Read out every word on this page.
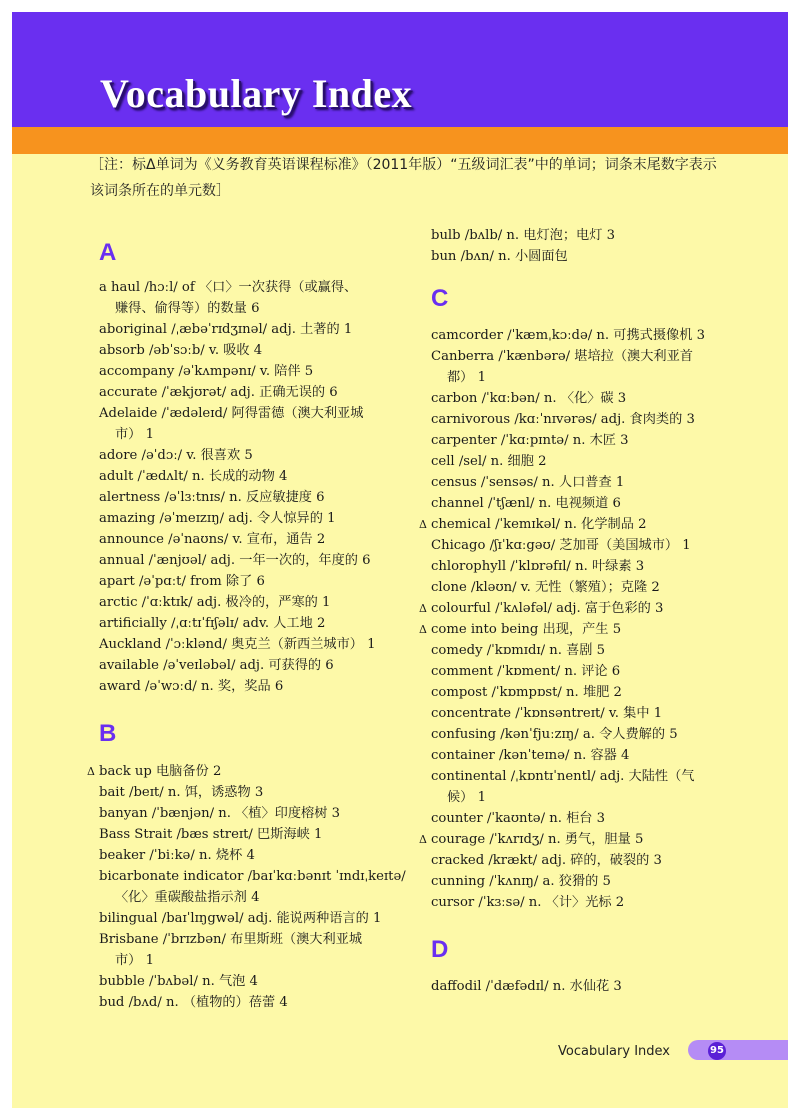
Vocabulary Index
［注：标Δ单词为《义务教育英语课程标准》（2011年版）“五级词汇表”中的单词；词条末尾数字表示该词条所在的单元数］
A
a haul /hɔːl/ of 〈口〉一次获得（或赢得、
赚得、偷得等）的数量 6
aboriginal /ˌæbəˈrɪdʒɪnəl/ adj. 土著的 1
absorb /əbˈsɔːb/ v. 吸收 4
accompany /əˈkʌmpənɪ/ v. 陪伴 5
accurate /ˈækjʊrət/ adj. 正确无误的 6
Adelaide /ˈædəleɪd/ 阿得雷德（澳大利亚城
市） 1
adore /əˈdɔː/ v. 很喜欢 5
adult /ˈædʌlt/ n. 长成的动物 4
alertness /əˈlɜːtnɪs/ n. 反应敏捷度 6
amazing /əˈmeɪzɪŋ/ adj. 令人惊异的 1
announce /əˈnaʊns/ v. 宣布，通告 2
annual /ˈænjʊəl/ adj. 一年一次的，年度的 6
apart /əˈpɑːt/ from 除了 6
arctic /ˈɑːktɪk/ adj. 极冷的，严寒的 1
artificially /ˌɑːtɪˈfɪʃəlɪ/ adv. 人工地 2
Auckland /ˈɔːklənd/ 奥克兰（新西兰城市） 1
available /əˈveɪləbəl/ adj. 可获得的 6
award /əˈwɔːd/ n. 奖，奖品 6
B
Δ back up 电脑备份 2
bait /beɪt/ n. 饵，诱惑物 3
banyan /ˈbænjən/ n. 〈植〉印度榕树 3
Bass Strait /bæs streɪt/ 巴斯海峡 1
beaker /ˈbiːkə/ n. 烧杯 4
bicarbonate indicator /baɪˈkɑːbənɪt ˈɪndɪˌkeɪtə/
〈化〉重碳酸盐指示剂 4
bilingual /baɪˈlɪŋgwəl/ adj. 能说两种语言的 1
Brisbane /ˈbrɪzbən/ 布里斯班（澳大利亚城
市） 1
bubble /ˈbʌbəl/ n. 气泡 4
bud /bʌd/ n. （植物的）蓓蕾 4
bulb /bʌlb/ n. 电灯泡；电灯 3
bun /bʌn/ n. 小圆面包
C
camcorder /ˈkæmˌkɔːdə/ n. 可携式摄像机 3
Canberra /ˈkænbərə/ 堪培拉（澳大利亚首
都） 1
carbon /ˈkɑːbən/ n. 〈化〉碳 3
carnivorous /kɑːˈnɪvərəs/ adj. 食肉类的 3
carpenter /ˈkɑːpɪntə/ n. 木匠 3
cell /sel/ n. 细胞 2
census /ˈsensəs/ n. 人口普查 1
channel /ˈtʃænl/ n. 电视频道 6
Δ chemical /ˈkemɪkəl/ n. 化学制品 2
Chicago /ʃɪˈkɑːgəʊ/ 芝加哥（美国城市） 1
chlorophyll /ˈklɒrəfɪl/ n. 叶绿素 3
clone /kləʊn/ v. 无性（繁殖）；克隆 2
Δ colourful /ˈkʌləfəl/ adj. 富于色彩的 3
Δ come into being 出现，产生 5
comedy /ˈkɒmɪdɪ/ n. 喜剧 5
comment /ˈkɒment/ n. 评论 6
compost /ˈkɒmpɒst/ n. 堆肥 2
concentrate /ˈkɒnsəntreɪt/ v. 集中 1
confusing /kənˈfjuːzɪŋ/ a. 令人费解的 5
container /kənˈteɪnə/ n. 容器 4
continental /ˌkɒntɪˈnentl/ adj. 大陆性（气
候） 1
counter /ˈkaʊntə/ n. 柜台 3
Δ courage /ˈkʌrɪdʒ/ n. 勇气，胆量 5
cracked /krækt/ adj. 碎的，破裂的 3
cunning /ˈkʌnɪŋ/ a. 狡猾的 5
cursor /ˈkɜːsə/ n. 〈计〉光标 2
D
daffodil /ˈdæfədɪl/ n. 水仙花 3
Vocabulary Index	95
